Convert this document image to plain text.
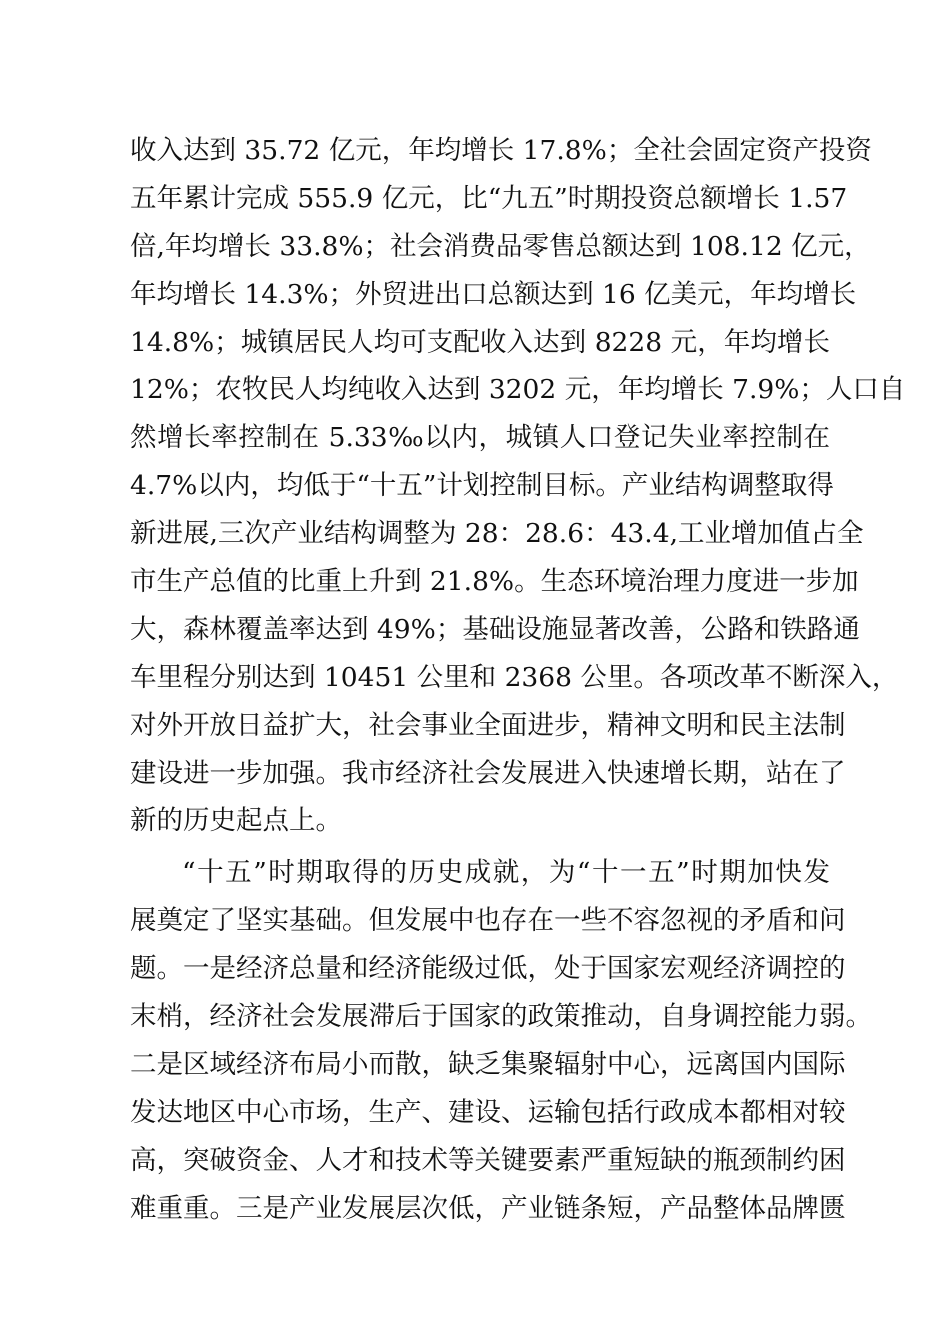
收入达到 35.72 亿元，年均增长 17.8%；全社会固定资产投资
五年累计完成 555.9 亿元，比“九五”时期投资总额增长 1.57
倍,年均增长 33.8%；社会消费品零售总额达到 108.12 亿元，
年均增长 14.3%；外贸进出口总额达到 16 亿美元，年均增长
14.8%；城镇居民人均可支配收入达到 8228 元，年均增长
12%；农牧民人均纯收入达到 3202 元，年均增长 7.9%；人口自
然增长率控制在 5.33‰以内，城镇人口登记失业率控制在
4.7%以内，均低于“十五”计划控制目标。产业结构调整取得
新进展,三次产业结构调整为 28：28.6：43.4,工业增加值占全
市生产总值的比重上升到 21.8%。生态环境治理力度进一步加
大，森林覆盖率达到 49%；基础设施显著改善，公路和铁路通
车里程分别达到 10451 公里和 2368 公里。各项改革不断深入，
对外开放日益扩大，社会事业全面进步，精神文明和民主法制
建设进一步加强。我市经济社会发展进入快速增长期，站在了
新的历史起点上。
“十五”时期取得的历史成就，为“十一五”时期加快发
展奠定了坚实基础。但发展中也存在一些不容忽视的矛盾和问
题。一是经济总量和经济能级过低，处于国家宏观经济调控的
末梢，经济社会发展滞后于国家的政策推动，自身调控能力弱。
二是区域经济布局小而散，缺乏集聚辐射中心，远离国内国际
发达地区中心市场，生产、建设、运输包括行政成本都相对较
高，突破资金、人才和技术等关键要素严重短缺的瓶颈制约困
难重重。三是产业发展层次低，产业链条短，产品整体品牌匮
